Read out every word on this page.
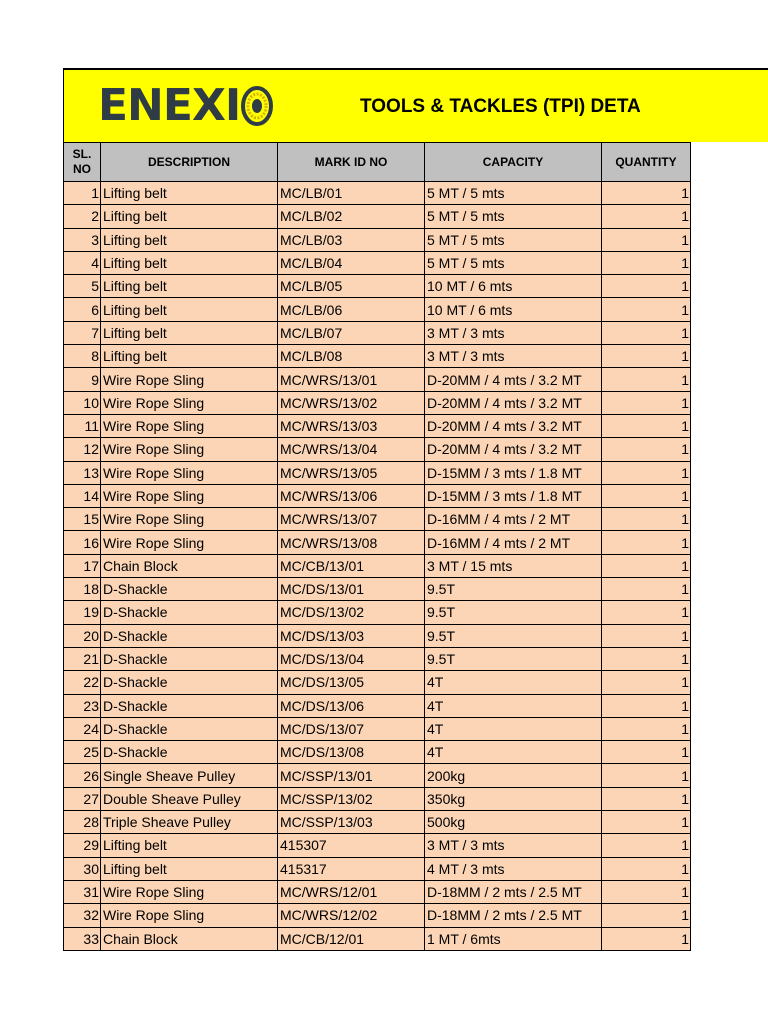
ENEXI	TOOLS & TACKLES (TPI) DETA
SL. NO	DESCRIPTION	MARK ID NO	CAPACITY	QUANTITY
1	Lifting belt	MC/LB/01	5 MT / 5 mts	1
2	Lifting belt	MC/LB/02	5 MT / 5 mts	1
3	Lifting belt	MC/LB/03	5 MT / 5 mts	1
4	Lifting belt	MC/LB/04	5 MT / 5 mts	1
5	Lifting belt	MC/LB/05	10 MT / 6 mts	1
6	Lifting belt	MC/LB/06	10 MT / 6 mts	1
7	Lifting belt	MC/LB/07	3 MT / 3 mts	1
8	Lifting belt	MC/LB/08	3 MT / 3 mts	1
9	Wire Rope Sling	MC/WRS/13/01	D-20MM / 4 mts / 3.2 MT	1
10	Wire Rope Sling	MC/WRS/13/02	D-20MM / 4 mts / 3.2 MT	1
11	Wire Rope Sling	MC/WRS/13/03	D-20MM / 4 mts / 3.2 MT	1
12	Wire Rope Sling	MC/WRS/13/04	D-20MM / 4 mts / 3.2 MT	1
13	Wire Rope Sling	MC/WRS/13/05	D-15MM / 3 mts / 1.8 MT	1
14	Wire Rope Sling	MC/WRS/13/06	D-15MM / 3 mts / 1.8 MT	1
15	Wire Rope Sling	MC/WRS/13/07	D-16MM / 4 mts / 2 MT	1
16	Wire Rope Sling	MC/WRS/13/08	D-16MM / 4 mts / 2 MT	1
17	Chain Block	MC/CB/13/01	3 MT / 15 mts	1
18	D-Shackle	MC/DS/13/01	9.5T	1
19	D-Shackle	MC/DS/13/02	9.5T	1
20	D-Shackle	MC/DS/13/03	9.5T	1
21	D-Shackle	MC/DS/13/04	9.5T	1
22	D-Shackle	MC/DS/13/05	4T	1
23	D-Shackle	MC/DS/13/06	4T	1
24	D-Shackle	MC/DS/13/07	4T	1
25	D-Shackle	MC/DS/13/08	4T	1
26	Single Sheave Pulley	MC/SSP/13/01	200kg	1
27	Double Sheave Pulley	MC/SSP/13/02	350kg	1
28	Triple Sheave Pulley	MC/SSP/13/03	500kg	1
29	Lifting belt	415307	3 MT / 3 mts	1
30	Lifting belt	415317	4 MT / 3 mts	1
31	Wire Rope Sling	MC/WRS/12/01	D-18MM / 2 mts / 2.5 MT	1
32	Wire Rope Sling	MC/WRS/12/02	D-18MM / 2 mts / 2.5 MT	1
33	Chain Block	MC/CB/12/01	1 MT / 6mts	1
